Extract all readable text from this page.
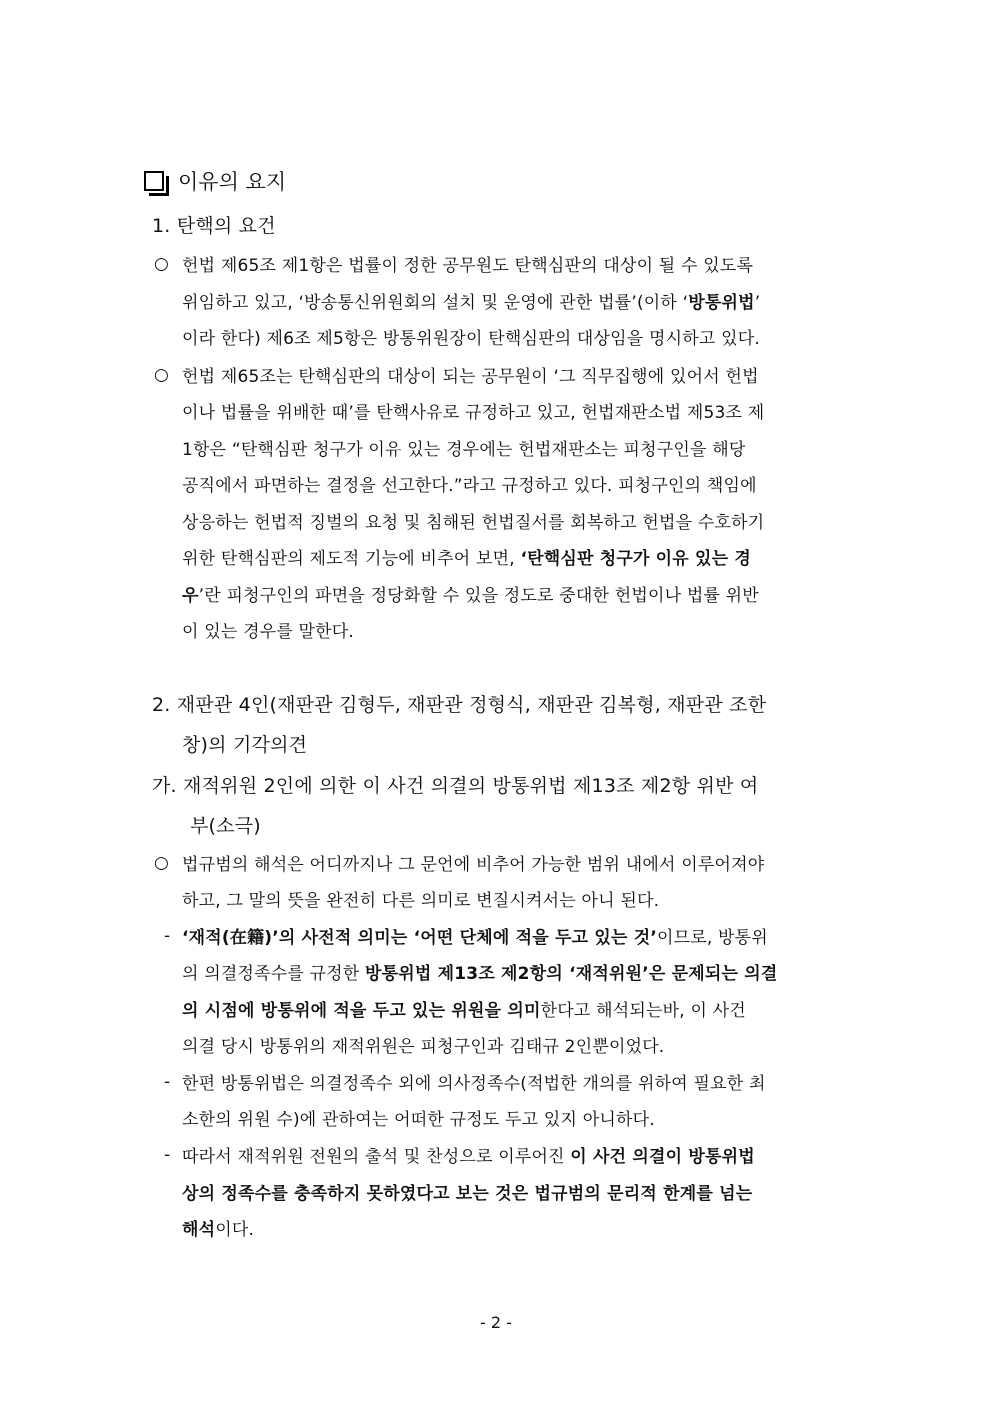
이유의 요지
1. 탄핵의 요건
○ 헌법 제65조 제1항은 법률이 정한 공무원도 탄핵심판의 대상이 될 수 있도록
위임하고 있고, ‘방송통신위원회의 설치 및 운영에 관한 법률’(이하 ‘방통위법’
이라 한다) 제6조 제5항은 방통위원장이 탄핵심판의 대상임을 명시하고 있다.
○ 헌법 제65조는 탄핵심판의 대상이 되는 공무원이 ‘그 직무집행에 있어서 헌법
이나 법률을 위배한 때’를 탄핵사유로 규정하고 있고, 헌법재판소법 제53조 제
1항은 “탄핵심판 청구가 이유 있는 경우에는 헌법재판소는 피청구인을 해당
공직에서 파면하는 결정을 선고한다.”라고 규정하고 있다. 피청구인의 책임에
상응하는 헌법적 징벌의 요청 및 침해된 헌법질서를 회복하고 헌법을 수호하기
위한 탄핵심판의 제도적 기능에 비추어 보면, ‘탄핵심판 청구가 이유 있는 경
우’란 피청구인의 파면을 정당화할 수 있을 정도로 중대한 헌법이나 법률 위반
이 있는 경우를 말한다.
2. 재판관 4인(재판관 김형두, 재판관 정형식, 재판관 김복형, 재판관 조한
창)의 기각의견
가. 재적위원 2인에 의한 이 사건 의결의 방통위법 제13조 제2항 위반 여
부(소극)
○ 법규범의 해석은 어디까지나 그 문언에 비추어 가능한 범위 내에서 이루어져야
하고, 그 말의 뜻을 완전히 다른 의미로 변질시켜서는 아니 된다.
- ‘재적(在籍)’의 사전적 의미는 ‘어떤 단체에 적을 두고 있는 것’이므로, 방통위
의 의결정족수를 규정한 방통위법 제13조 제2항의 ‘재적위원’은 문제되는 의결
의 시점에 방통위에 적을 두고 있는 위원을 의미한다고 해석되는바, 이 사건
의결 당시 방통위의 재적위원은 피청구인과 김태규 2인뿐이었다.
- 한편 방통위법은 의결정족수 외에 의사정족수(적법한 개의를 위하여 필요한 최
소한의 위원 수)에 관하여는 어떠한 규정도 두고 있지 아니하다.
- 따라서 재적위원 전원의 출석 및 찬성으로 이루어진 이 사건 의결이 방통위법
상의 정족수를 충족하지 못하였다고 보는 것은 법규범의 문리적 한계를 넘는
해석이다.
- 2 -
